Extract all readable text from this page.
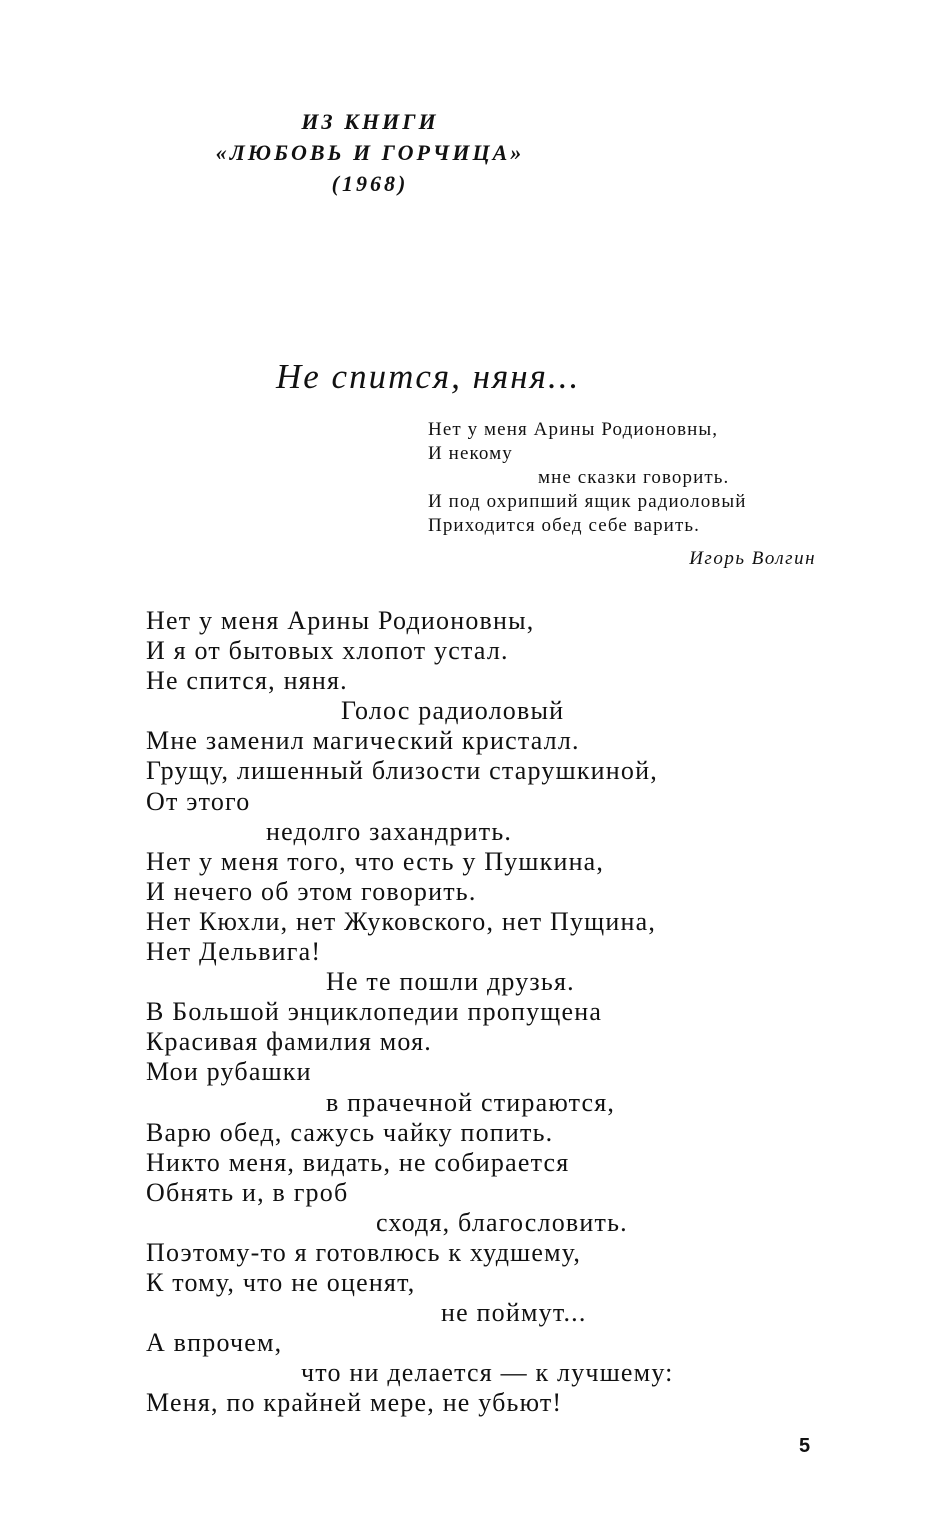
ИЗ КНИГИ
«ЛЮБОВЬ И ГОРЧИЦА»
(1968)
Не спится, няня...
Нет у меня Арины Родионовны,
И некому
мне сказки говорить.
И под охрипший ящик радиоловый
Приходится обед себе варить.
Игорь Волгин
Нет у меня Арины Родионовны,
И я от бытовых хлопот устал.
Не спится, няня.
Голос радиоловый
Мне заменил магический кристалл.
Грущу, лишенный близости старушкиной,
От этого
недолго захандрить.
Нет у меня того, что есть у Пушкина,
И нечего об этом говорить.
Нет Кюхли, нет Жуковского, нет Пущина,
Нет Дельвига!
Не те пошли друзья.
В Большой энциклопедии пропущена
Красивая фамилия моя.
Мои рубашки
в прачечной стираются,
Варю обед, сажусь чайку попить.
Никто меня, видать, не собирается
Обнять и, в гроб
сходя, благословить.
Поэтому-то я готовлюсь к худшему,
К тому, что не оценят,
не поймут...
А впрочем,
что ни делается — к лучшему:
Меня, по крайней мере, не убьют!
5
